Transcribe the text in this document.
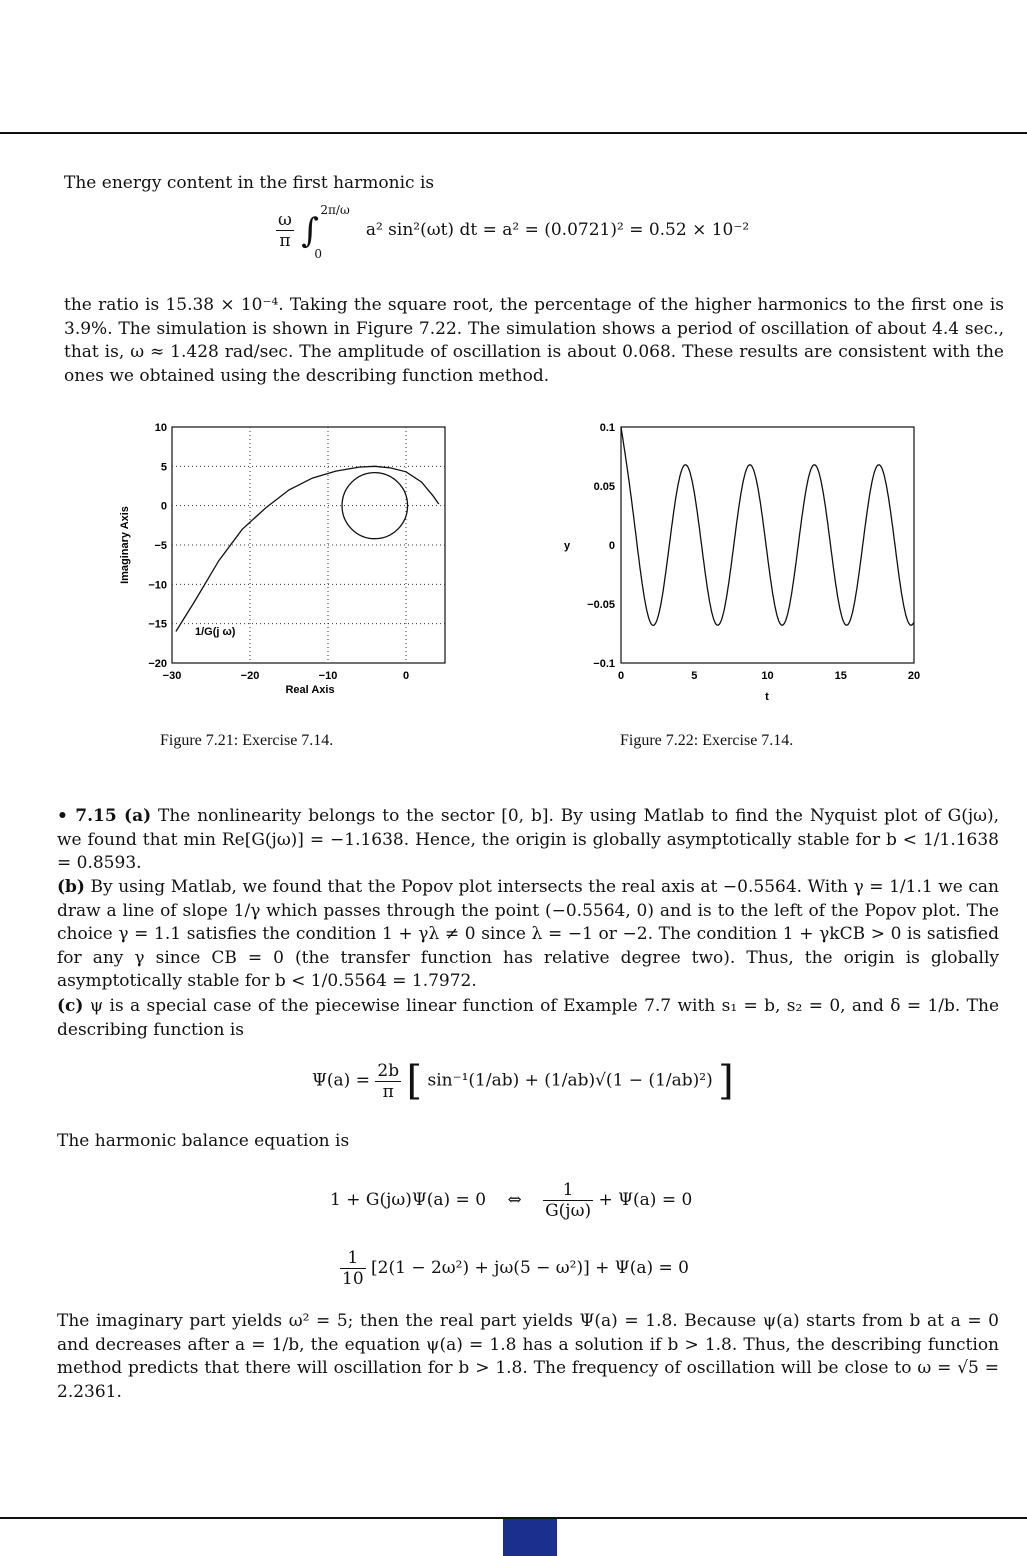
The energy content in the first harmonic is

$\frac{\omega}{\pi}$ ∫
2π/ω
0
a² sin²(ωt) dt = a² = (0.0721)² = 0.52 × 10⁻²

the ratio is 15.38 × 10⁻⁴. Taking the square root, the percentage of the higher harmonics to the first one is 3.9%. The simulation is shown in Figure 7.22. The simulation shows a period of oscillation of about 4.4 sec., that is, ω ≈ 1.428 rad/sec. The amplitude of oscillation is about 0.068. These results are consistent with the ones we obtained using the describing function method.

−30	−20	−10	0
10
5
0
−5
−10
−15
−20
Real Axis
Imaginary Axis
1/G(j ω)
0	5	10	15	20
0.1
0.05
0
−0.05
−0.1
t
y
Figure 7.21: Exercise 7.14.	Figure 7.22: Exercise 7.14.

• 7.15 (a) The nonlinearity belongs to the sector [0, b]. By using Matlab to find the Nyquist plot of G(jω), we found that min Re[G(jω)] = −1.1638. Hence, the origin is globally asymptotically stable for b < 1/1.1638 = 0.8593.

(b) By using Matlab, we found that the Popov plot intersects the real axis at −0.5564. With γ = 1/1.1 we can draw a line of slope 1/γ which passes through the point (−0.5564, 0) and is to the left of the Popov plot. The choice γ = 1.1 satisfies the condition 1 + γλ ≠ 0 since λ = −1 or −2. The condition 1 + γkCB > 0 is satisfied for any γ since CB = 0 (the transfer function has relative degree two). Thus, the origin is globally asymptotically stable for b < 1/0.5564 = 1.7972.

(c) ψ is a special case of the piecewise linear function of Example 7.7 with s₁ = b, s₂ = 0, and δ = 1/b. The describing function is

$\Psi(a) = \frac{2b}{\pi}$ [ sin⁻¹(1/ab) + (1/ab)√(1 − (1/ab)²) ]

The harmonic balance equation is

1 + G(jω)Ψ(a) = 0 ⇔ $\frac{1}{G(j\omega)} + \Psi(a) = 0$
$\frac{1}{10} [2(1 - 2\omega^2) + j\omega(5 - \omega^2)] + \Psi(a) = 0$

The imaginary part yields ω² = 5; then the real part yields Ψ(a) = 1.8. Because ψ(a) starts from b at a = 0 and decreases after a = 1/b, the equation ψ(a) = 1.8 has a solution if b > 1.8. Thus, the describing function method predicts that there will oscillation for b > 1.8. The frequency of oscillation will be close to ω = √5 = 2.2361.
